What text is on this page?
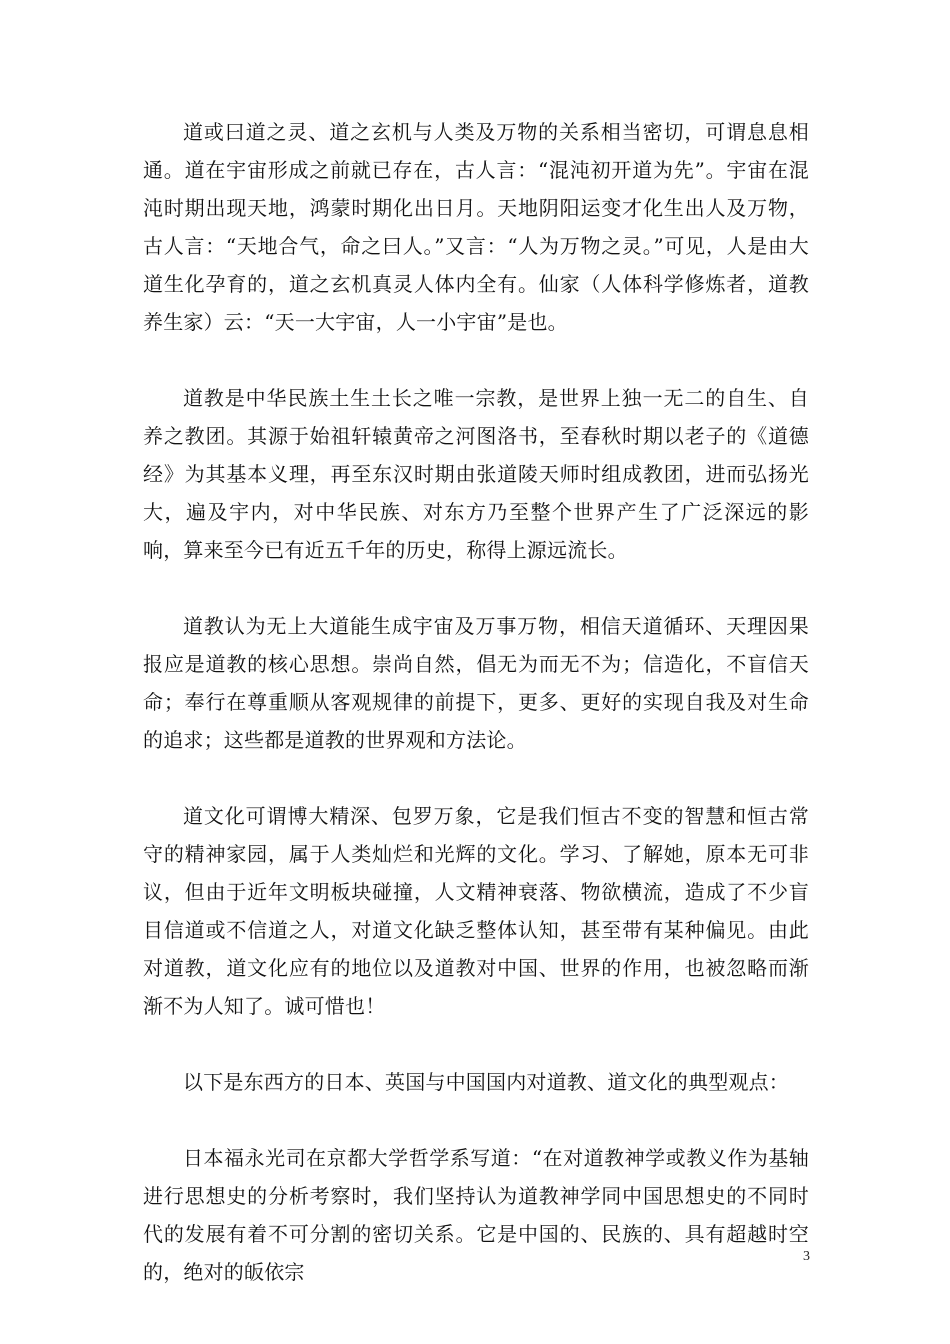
道或曰道之灵、道之玄机与人类及万物的关系相当密切，可谓息息相通。道在宇宙形成之前就已存在，古人言：“混沌初开道为先”。宇宙在混沌时期出现天地，鸿蒙时期化出日月。天地阴阳运变才化生出人及万物，古人言：“天地合气，命之曰人。”又言：“人为万物之灵。”可见，人是由大道生化孕育的，道之玄机真灵人体内全有。仙家（人体科学修炼者，道教养生家）云：“天一大宇宙，人一小宇宙”是也。

道教是中华民族土生土长之唯一宗教，是世界上独一无二的自生、自养之教团。其源于始祖轩辕黄帝之河图洛书，至春秋时期以老子的《道德经》为其基本义理，再至东汉时期由张道陵天师时组成教团，进而弘扬光大，遍及宇内，对中华民族、对东方乃至整个世界产生了广泛深远的影响，算来至今已有近五千年的历史，称得上源远流长。

道教认为无上大道能生成宇宙及万事万物，相信天道循环、天理因果报应是道教的核心思想。崇尚自然，倡无为而无不为；信造化，不盲信天命；奉行在尊重顺从客观规律的前提下，更多、更好的实现自我及对生命的追求；这些都是道教的世界观和方法论。

道文化可谓博大精深、包罗万象，它是我们恒古不变的智慧和恒古常守的精神家园，属于人类灿烂和光辉的文化。学习、了解她，原本无可非议，但由于近年文明板块碰撞，人文精神衰落、物欲横流，造成了不少盲目信道或不信道之人，对道文化缺乏整体认知，甚至带有某种偏见。由此对道教，道文化应有的地位以及道教对中国、世界的作用，也被忽略而渐渐不为人知了。诚可惜也！

以下是东西方的日本、英国与中国国内对道教、道文化的典型观点：

日本福永光司在京都大学哲学系写道：“在对道教神学或教义作为基轴进行思想史的分析考察时，我们坚持认为道教神学同中国思想史的不同时代的发展有着不可分割的密切关系。它是中国的、民族的、具有超越时空的，绝对的皈依宗

3
